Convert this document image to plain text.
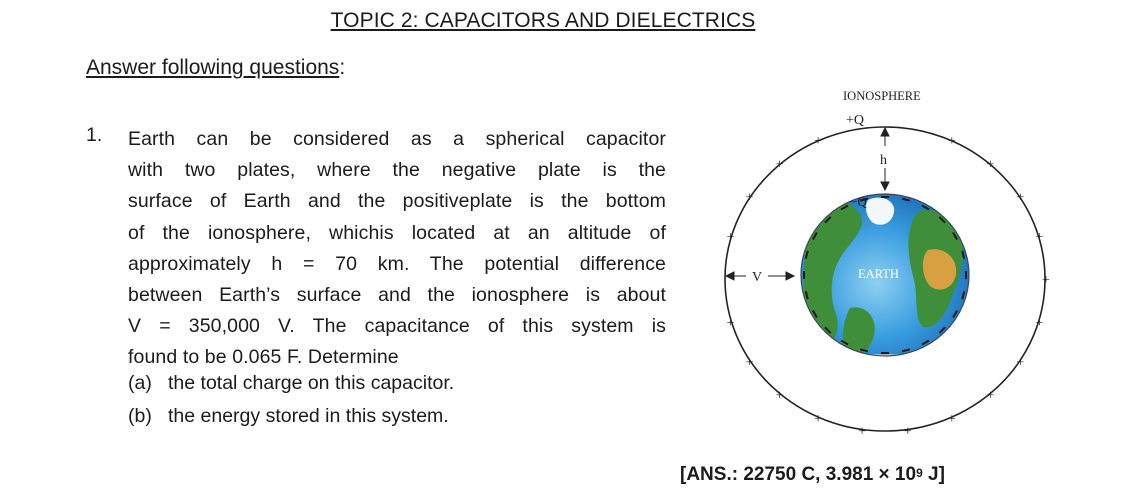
TOPIC 2: CAPACITORS AND DIELECTRICS
Answer following questions:
1. Earth can be considered as a spherical capacitor
with two plates, where the negative plate is the
surface of Earth and the positiveplate is the bottom
of the ionosphere, whichis located at an altitude of
approximately h = 70 km. The potential difference
between Earth’s surface and the ionosphere is about
V = 350,000 V. The capacitance of this system is
found to be 0.065 F. Determine
(a) the total charge on this capacitor.
(b) the energy stored in this system.
IONOSPHERE
+Q
+
+
+
+
+
+
+
+
+
+
+
+
+
+
+
+
+
+
+
−Q
EARTH
h
V
[ANS.: 22750 C, $3.981 \times 10^9$ J]
